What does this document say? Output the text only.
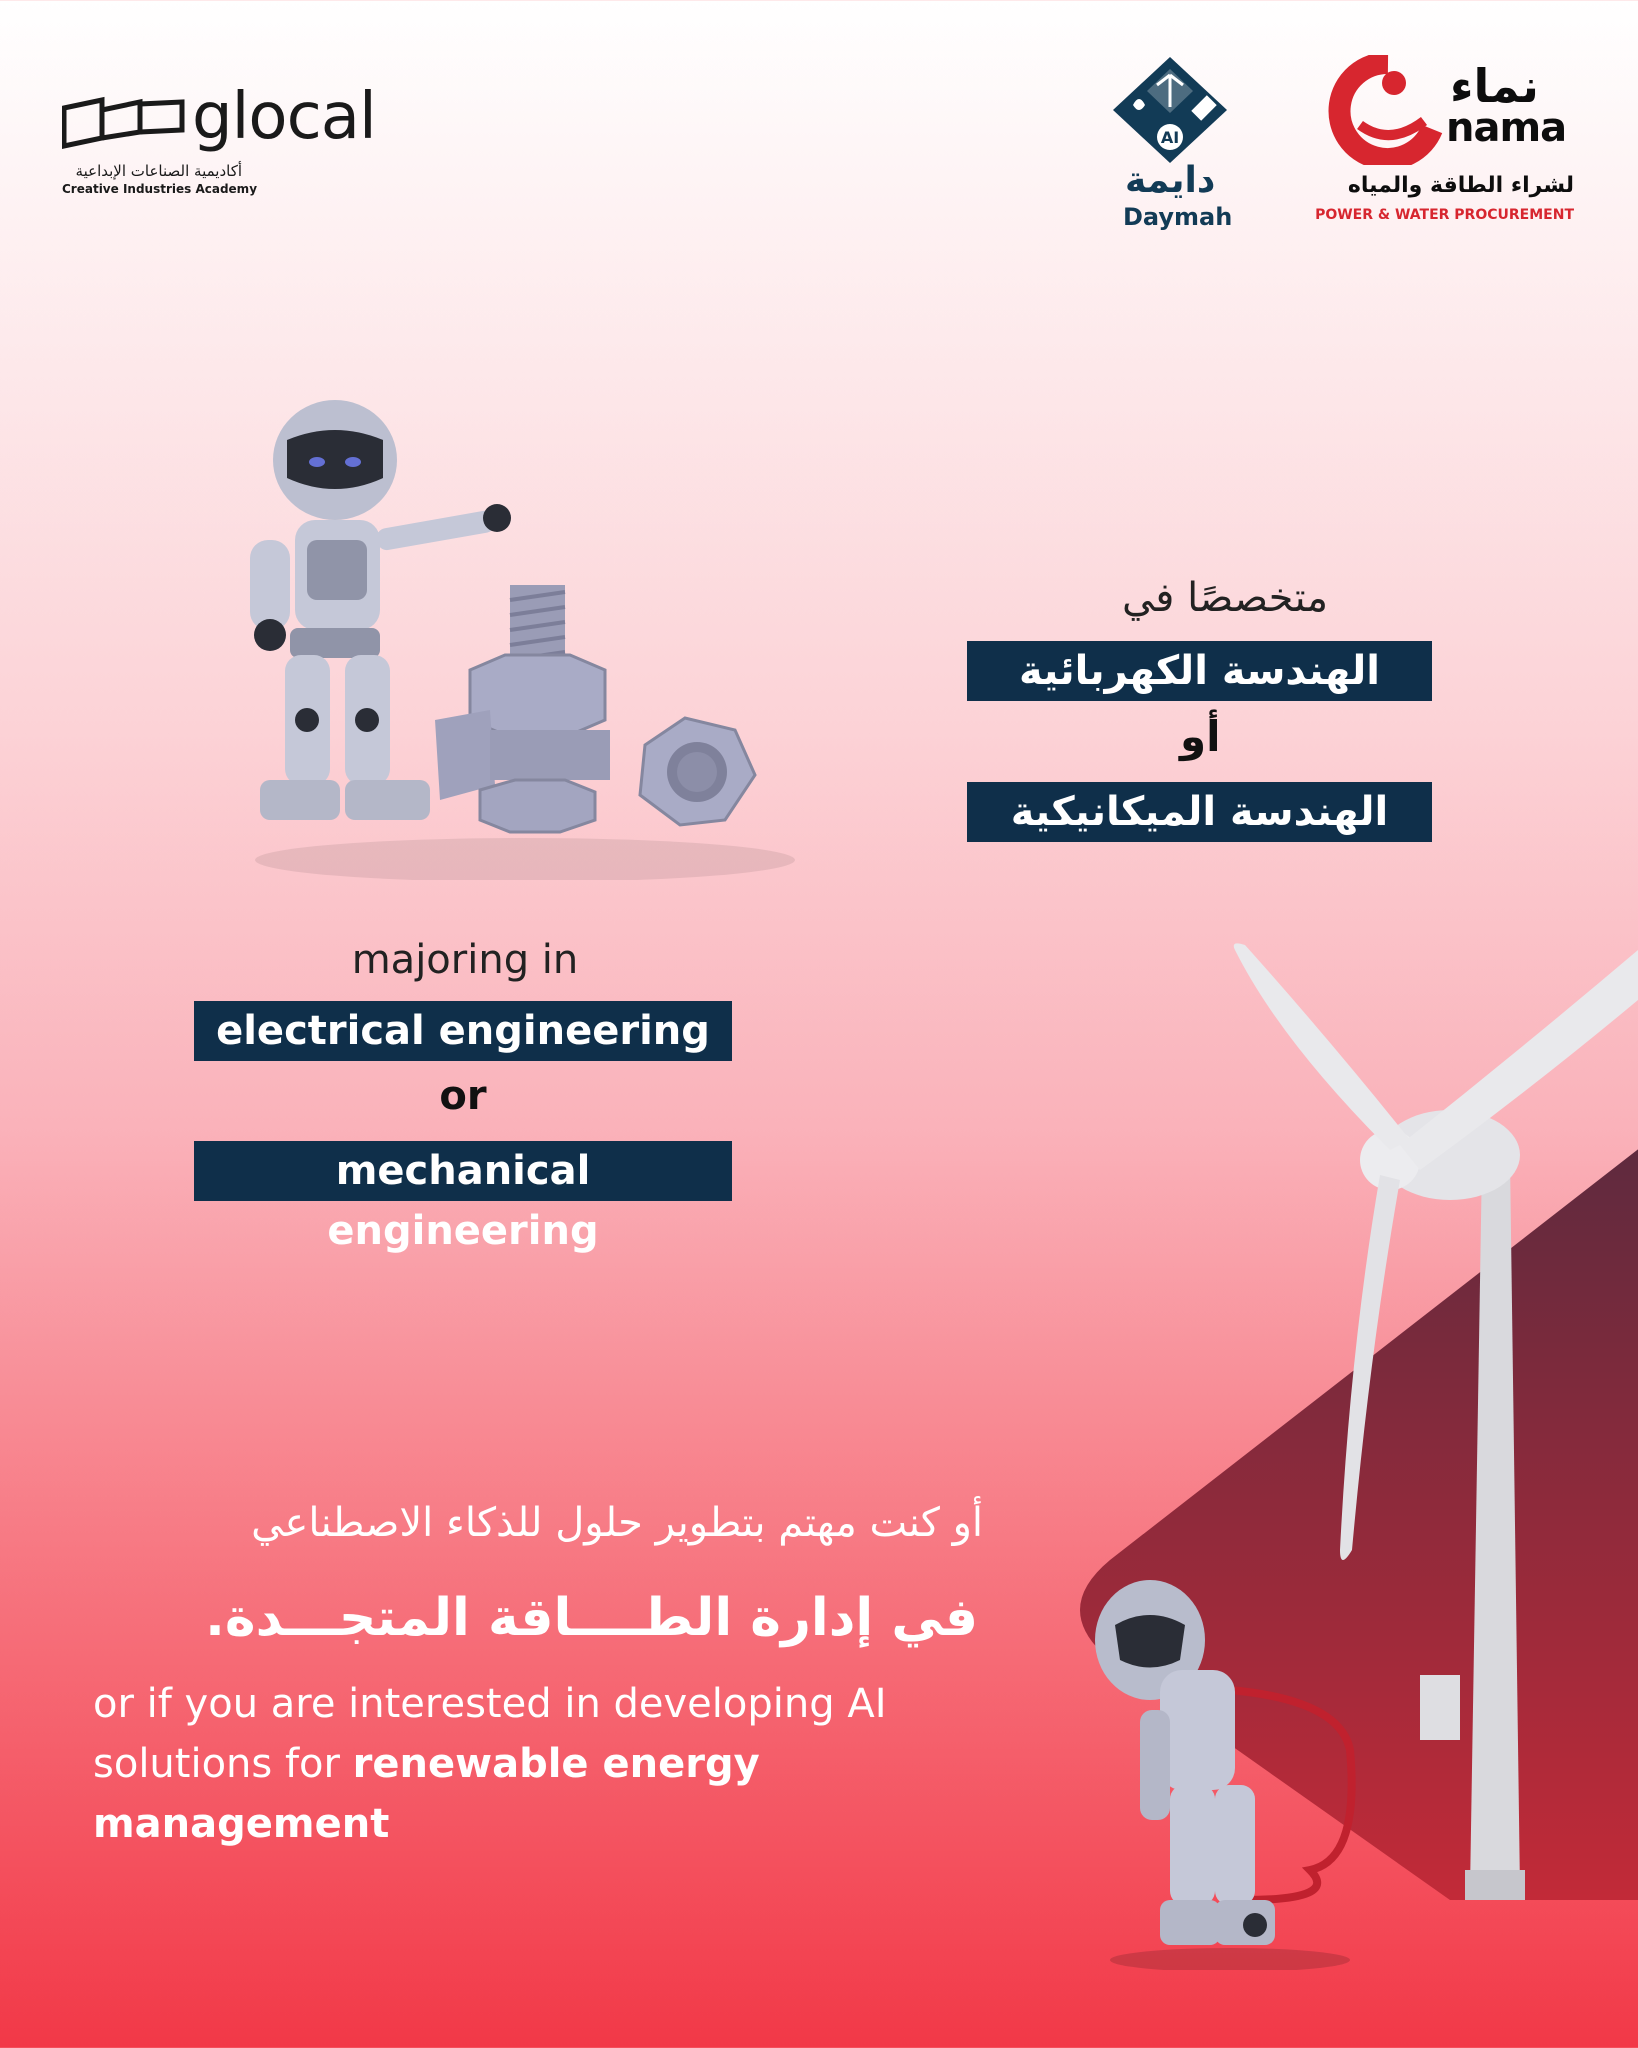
glocal
أكاديمية الصناعات الإبداعية
Creative Industries Academy
AI
دايمة
Daymah
نماء
nama
لشراء الطاقة والمياه
POWER & WATER PROCUREMENT
متخصصًا في
الهندسة الكهربائية
أو
الهندسة الميكانيكية
majoring in
electrical engineering
or
mechanical engineering
أو كنت مهتم بتطوير حلول للذكاء الاصطناعي
في إدارة الطــــاقة المتجـــدة.
or if you are interested in developing AI solutions for renewable energy management
